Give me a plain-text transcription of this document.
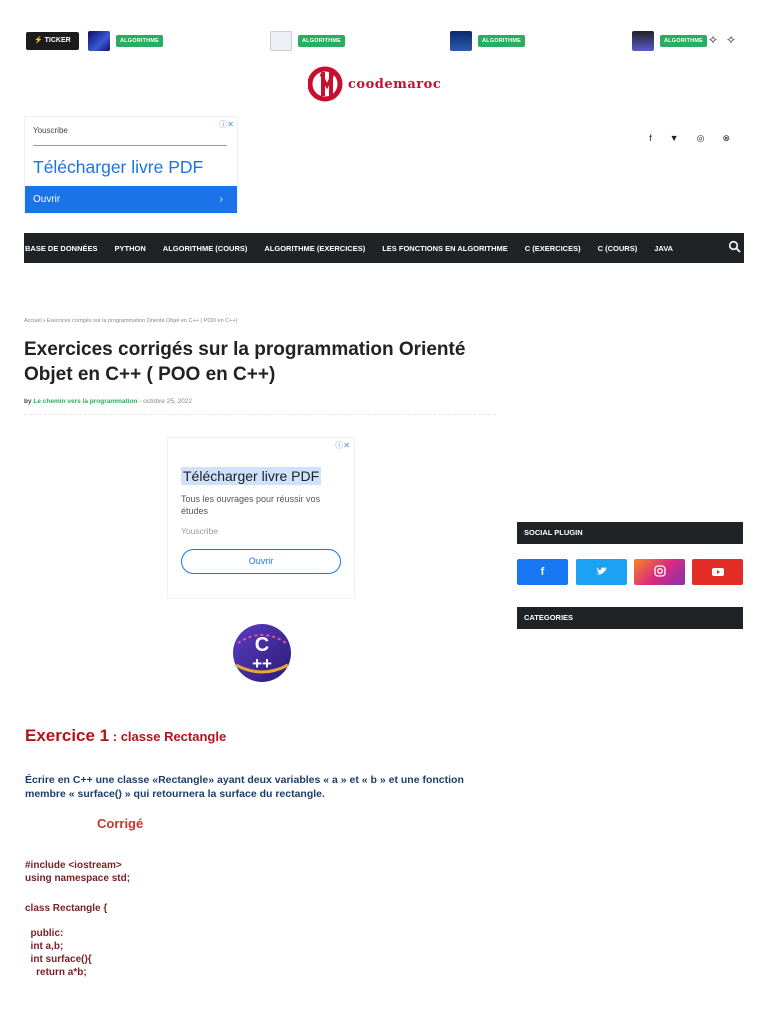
⚡ TICKER	ALGORITHME	ALGORITHME	ALGORITHME	ALGORITHME ✧ ✧
coodemaroc
Youscribe
ⓘ✕
Télécharger livre PDF
Ouvrir	›
f ▼ ◎ ⊗
BASE DE DONNÉES PYTHON ALGORITHME (COURS) ALGORITHME (EXERCICES) LES FONCTIONS EN ALGORITHME C (EXERCICES) C (COURS) JAVA
Accueil › Exercices corrigés sur la programmation Orienté Objet en C++ ( POO en C++)
Exercices corrigés sur la programmation Orienté Objet en C++ ( POO en C++)
by Le chemin vers la programmation - octobre 25, 2022
ⓘ✕
Télécharger livre PDF
Tous les ouvrages pour réussir vos études
Youscribe
Ouvrir
C
++
Exercice 1 : classe Rectangle
Écrire en C++ une classe «Rectangle» ayant deux variables « a » et « b » et une fonction membre « surface() » qui retournera la surface du rectangle.
Corrigé
#include <iostream>
using namespace std;
class Rectangle {
public:
int a,b;
int surface(){
return a*b;
SOCIAL PLUGIN
f
CATEGORIES
